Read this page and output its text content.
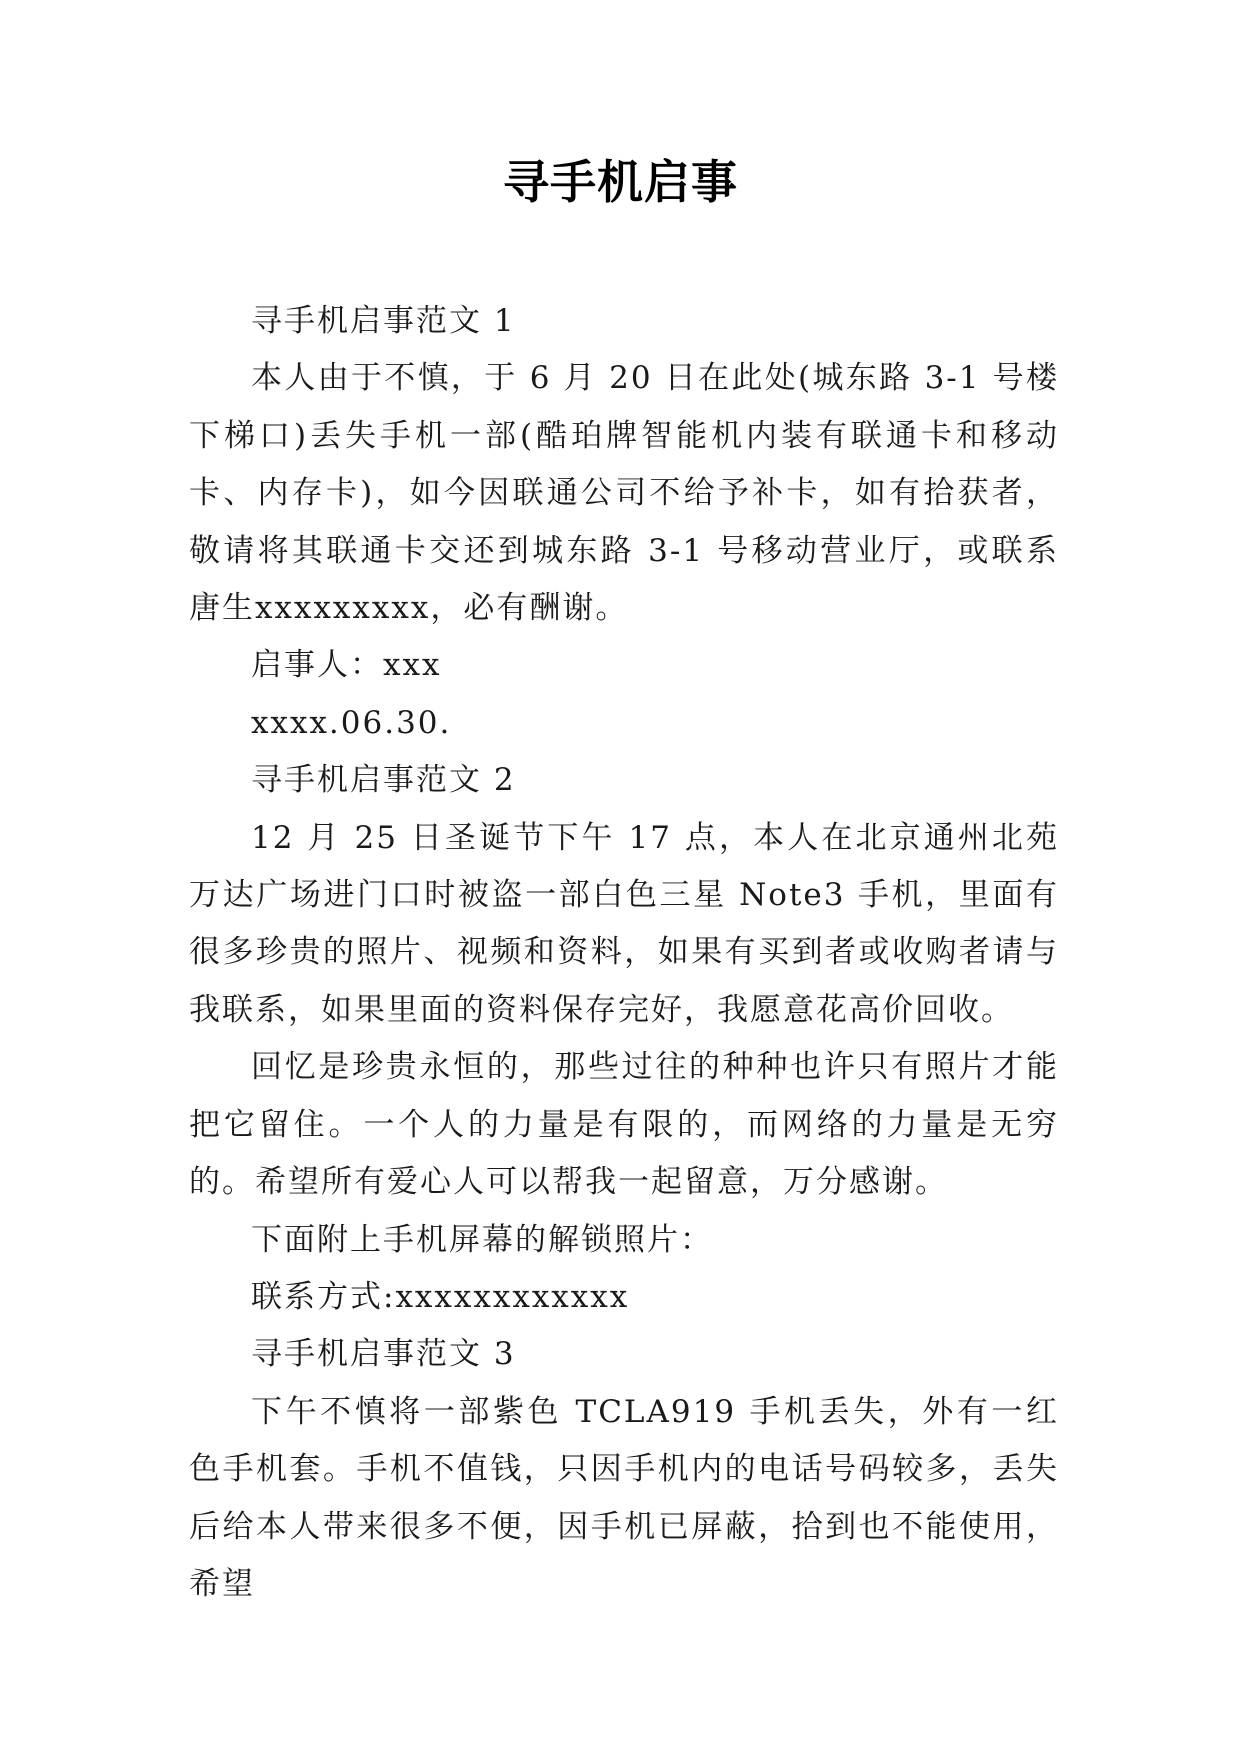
寻手机启事

寻手机启事范文 1

本人由于不慎，于 6 月 20 日在此处(城东路 3-1 号楼下梯口)丢失手机一部(酷珀牌智能机内装有联通卡和移动卡、内存卡)，如今因联通公司不给予补卡，如有拾获者，敬请将其联通卡交还到城东路 3-1 号移动营业厅，或联系唐生xxxxxxxxx，必有酬谢。

启事人：xxx

xxxx.06.30.

寻手机启事范文 2

12 月 25 日圣诞节下午 17 点，本人在北京通州北苑万达广场进门口时被盗一部白色三星 Note3 手机，里面有很多珍贵的照片、视频和资料，如果有买到者或收购者请与我联系，如果里面的资料保存完好，我愿意花高价回收。

回忆是珍贵永恒的，那些过往的种种也许只有照片才能把它留住。一个人的力量是有限的，而网络的力量是无穷的。希望所有爱心人可以帮我一起留意，万分感谢。

下面附上手机屏幕的解锁照片：

联系方式:xxxxxxxxxxxx

寻手机启事范文 3

下午不慎将一部紫色 TCLA919 手机丢失，外有一红色手机套。手机不值钱，只因手机内的电话号码较多，丢失后给本人带来很多不便，因手机已屏蔽，拾到也不能使用，希望
